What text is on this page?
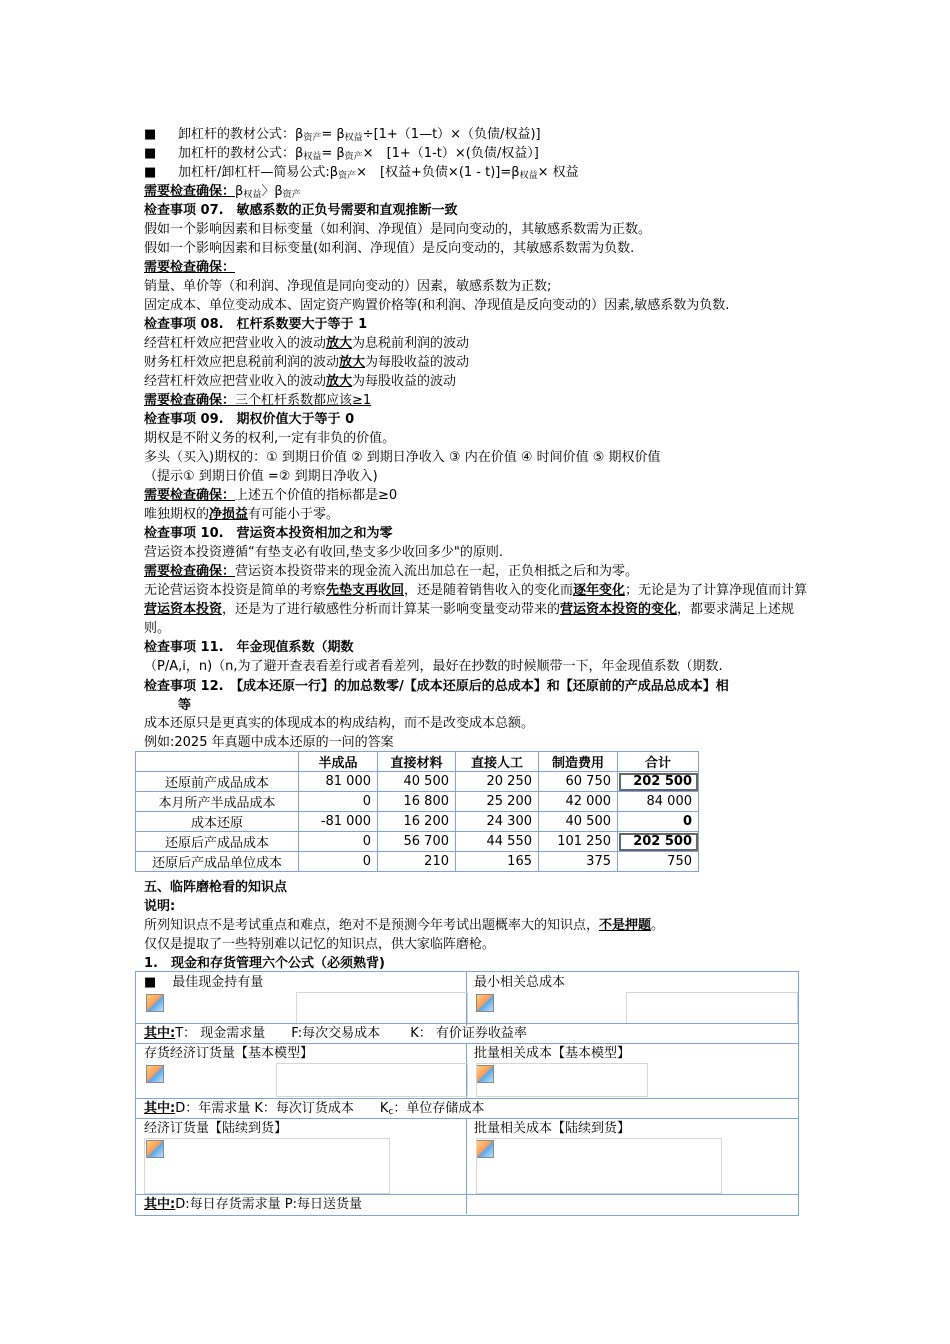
■ 卸杠杆的教材公式：$\beta_{资产}=$ $\beta_{权益}\div[1+(1—t)\times$（负债/权益)]
■ 加杠杆的教材公式：$\beta_{权益}= \beta_{资产}\times$　[1+（1-t）×(负债/权益）]
■ 加杠杆/卸杠杆—简易公式$:\beta_{资产}\times$　[权益+负债$\times(1 - t)]=\beta_{权益}\times$ 权益
需要检查确保：$\beta_{权益}$〉$\beta_{资产}$
检查事项 07.　敏感系数的正负号需要和直观推断一致
假如一个影响因素和目标变量（如利润、净现值）是同向变动的，其敏感系数需为正数。
假如一个影响因素和目标变量(如利润、净现值）是反向变动的，其敏感系数需为负数.
需要检查确保：
销量、单价等（和利润、净现值是同向变动的）因素，敏感系数为正数;
固定成本、单位变动成本、固定资产购置价格等(和利润、净现值是反向变动的）因素,敏感系数为负数.
检查事项 08.　杠杆系数要大于等于 1
经营杠杆效应把营业收入的波动放大为息税前利润的波动
财务杠杆效应把息税前利润的波动放大为每股收益的波动
经营杠杆效应把营业收入的波动放大为每股收益的波动
需要检查确保：三个杠杆系数都应该≥1
检查事项 09.　期权价值大于等于 0
期权是不附义务的权利,一定有非负的价值。
多头（买入)期权的：① 到期日价值 ② 到期日净收入 ③ 内在价值 ④ 时间价值 ⑤ 期权价值
（提示① 到期日价值 =② 到期日净收入)
需要检查确保：上述五个价值的指标都是≥0
唯独期权的净损益有可能小于零。
检查事项 10.　营运资本投资相加之和为零
营运资本投资遵循“有垫支必有收回,垫支多少收回多少"的原则.
需要检查确保：营运资本投资带来的现金流入流出加总在一起，正负相抵之后和为零。
无论营运资本投资是简单的考察先垫支再收回，还是随着销售收入的变化而逐年变化；无论是为了计算净现值而计算营运资本投资，还是为了进行敏感性分析而计算某一影响变量变动带来的营运资本投资的变化，都要求满足上述规则。
检查事项 11.　年金现值系数（期数
（P/A,i，n)（n,为了避开查表看差行或者看差列，最好在抄数的时候顺带一下，年金现值系数（期数.
检查事项 12.　【成本还原一行】的加总数零/【成本还原后的总成本】和【还原前的产成品总成本】相
等
成本还原只是更真实的体现成本的构成结构，而不是改变成本总额。
例如:2025 年真题中成本还原的一问的答案
	半成品	直接材料	直接人工	制造费用	合计
还原前产成品成本	81 000	40 500	20 250	60 750	202 500
本月所产半成品成本	0	16 800	25 200	42 000	84 000
成本还原	-81 000	16 200	24 300	40 500	0
还原后产成品成本	0	56 700	44 550	101 250	202 500
还原后产成品单位成本	0	210	165	375	750
五、临阵磨枪看的知识点
说明:
所列知识点不是考试重点和难点，绝对不是预测今年考试出题概率大的知识点，不是押题。
仅仅是提取了一些特别难以记忆的知识点，供大家临阵磨枪。
1.　现金和存货管理六个公式（必须熟背)
■ 最佳现金持有量	最小相关总成本
其中:T： 现金需求量　　F:每次交易成本　　 K： 有价证券收益率
存货经济订货量【基本模型】	批量相关成本【基本模型】
其中:D：年需求量 K：每次订货成本　　$K_c$：单位存储成本
经济订货量【陆续到货】	批量相关成本【陆续到货】
其中:D:每日存货需求量 P:每日送货量
